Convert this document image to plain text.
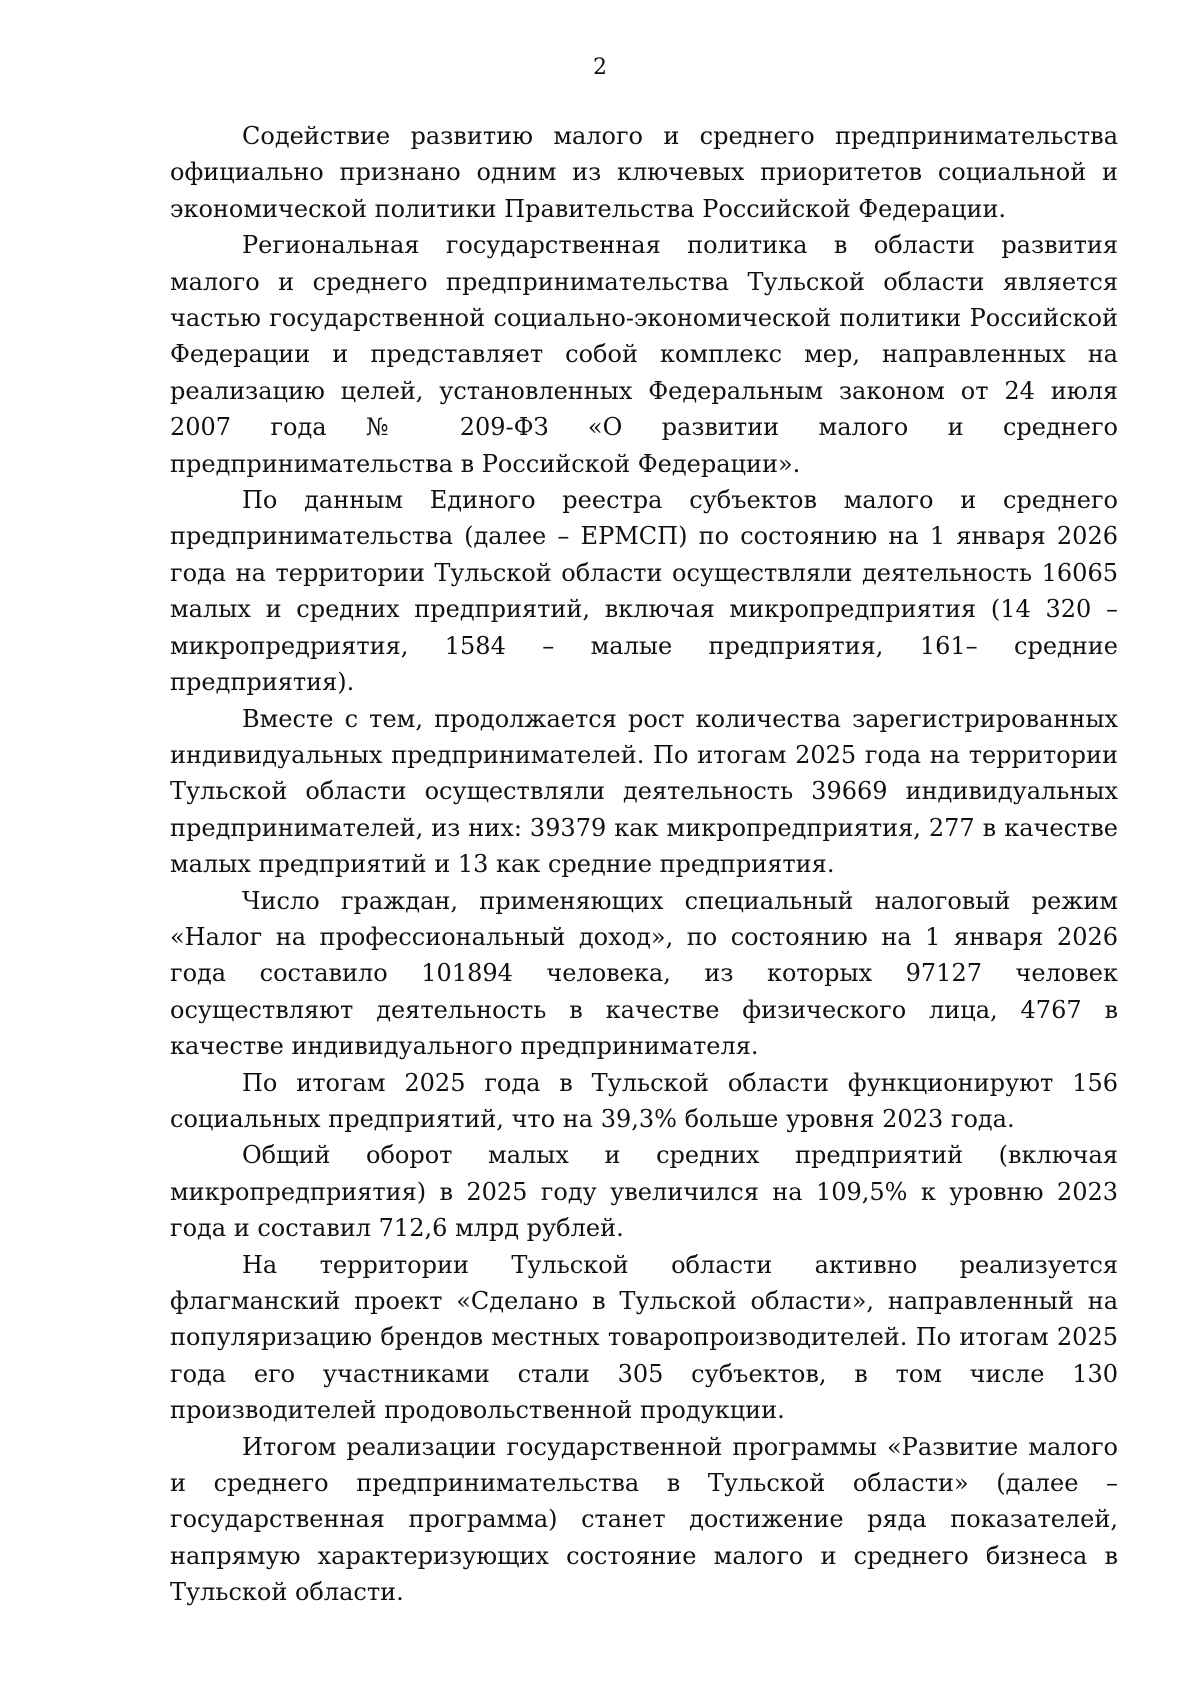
2

Содействие развитию малого и среднего предпринимательства официально признано одним из ключевых приоритетов социальной и экономической политики Правительства Российской Федерации.

Региональная государственная политика в области развития малого и среднего предпринимательства Тульской области является частью государственной социально-экономической политики Российской Федерации и представляет собой комплекс мер, направленных на реализацию целей, установленных Федеральным законом от 24 июля 2007 года № 209-ФЗ «О развитии малого и среднего предпринимательства в Российской Федерации».

По данным Единого реестра субъектов малого и среднего предпринимательства (далее – ЕРМСП) по состоянию на 1 января 2026 года на территории Тульской области осуществляли деятельность 16065 малых и средних предприятий, включая микропредприятия (14 320 – микропредриятия, 1584 – малые предприятия, 161– средние предприятия).

Вместе с тем, продолжается рост количества зарегистрированных индивидуальных предпринимателей. По итогам 2025 года на территории Тульской области осуществляли деятельность 39669 индивидуальных предпринимателей, из них: 39379 как микропредприятия, 277 в качестве малых предприятий и 13 как средние предприятия.

Число граждан, применяющих специальный налоговый режим «Налог на профессиональный доход», по состоянию на 1 января 2026 года составило 101894 человека, из которых 97127 человек осуществляют деятельность в качестве физического лица, 4767 в качестве индивидуального предпринимателя.

По итогам 2025 года в Тульской области функционируют 156 социальных предприятий, что на 39,3% больше уровня 2023 года.

Общий оборот малых и средних предприятий (включая микропредприятия) в 2025 году увеличился на 109,5% к уровню 2023 года и составил 712,6 млрд рублей.

На территории Тульской области активно реализуется флагманский проект «Сделано в Тульской области», направленный на популяризацию брендов местных товаропроизводителей. По итогам 2025 года его участниками стали 305 субъектов, в том числе 130 производителей продовольственной продукции.

Итогом реализации государственной программы «Развитие малого и среднего предпринимательства в Тульской области» (далее – государственная программа) станет достижение ряда показателей, напрямую характеризующих состояние малого и среднего бизнеса в Тульской области.
